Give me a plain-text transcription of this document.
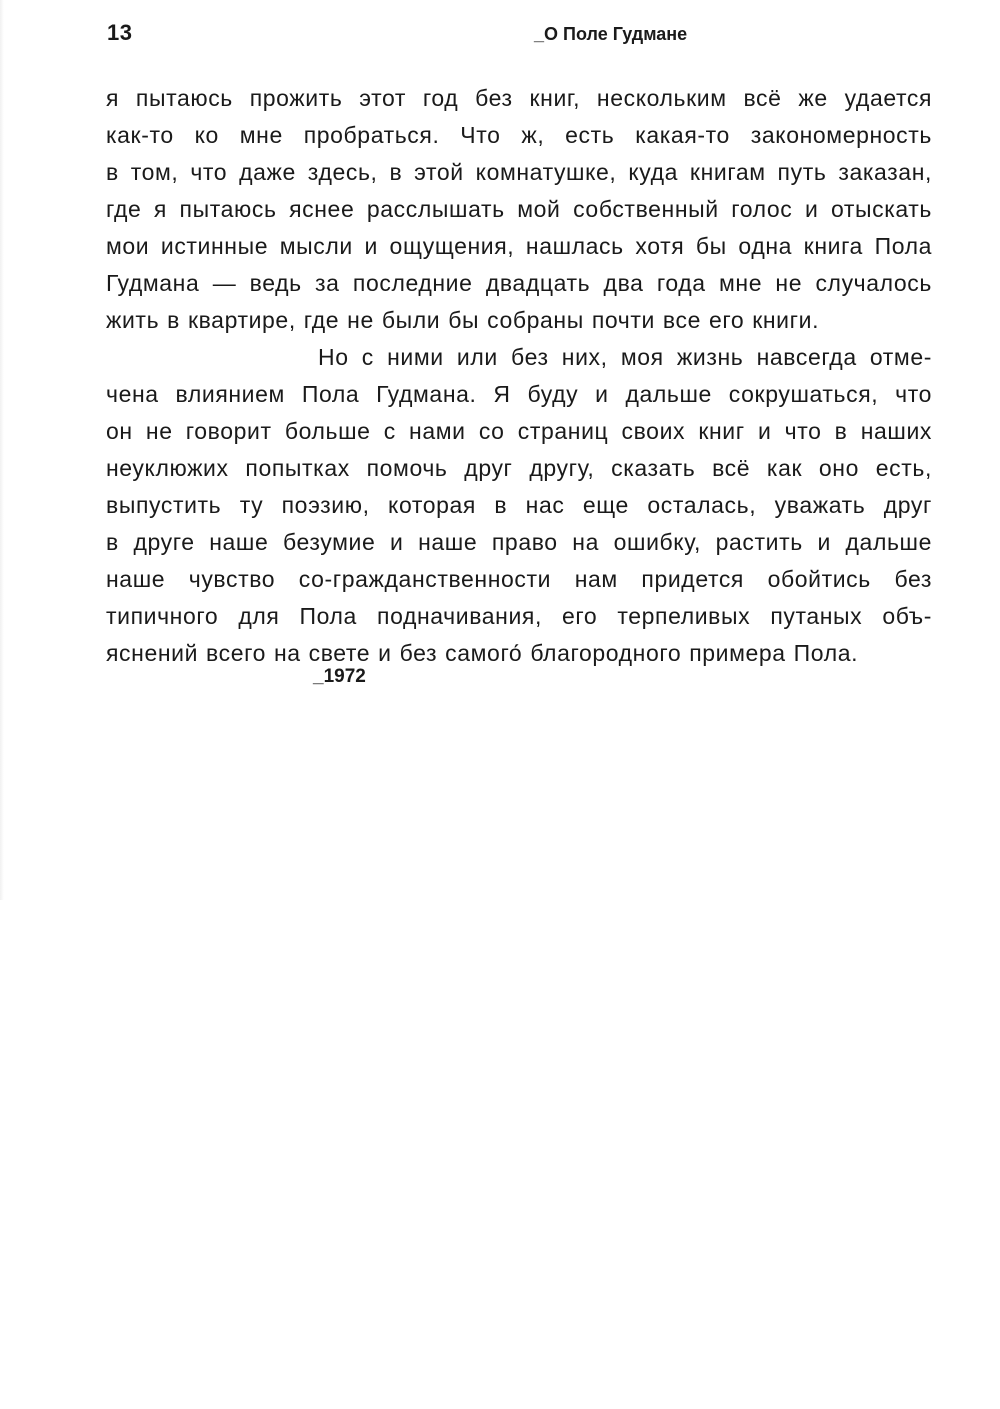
13	_О Поле Гудмане
я пытаюсь прожить этот год без книг, нескольким всё же удается
как-то ко мне пробраться. Что ж, есть какая-то закономерность
в том, что даже здесь, в этой комнатушке, куда книгам путь заказан,
где я пытаюсь яснее расслышать мой собственный голос и отыскать
мои истинные мысли и ощущения, нашлась хотя бы одна книга Пола
Гудмана — ведь за последние двадцать два года мне не случалось
жить в квартире, где не были бы собраны почти все его книги.
Но с ними или без них, моя жизнь навсегда отме-
чена влиянием Пола Гудмана. Я буду и дальше сокрушаться, что
он не говорит больше с нами со страниц своих книг и что в наших
неуклюжих попытках помочь друг другу, сказать всё как оно есть,
выпустить ту поэзию, которая в нас еще осталась, уважать друг
в друге наше безумие и наше право на ошибку, растить и дальше
наше чувство со-гражданственности нам придется обойтись без
типичного для Пола подначивания, его терпеливых путаных объ-
яснений всего на свете и без самого́ благородного примера Пола.
_1972
